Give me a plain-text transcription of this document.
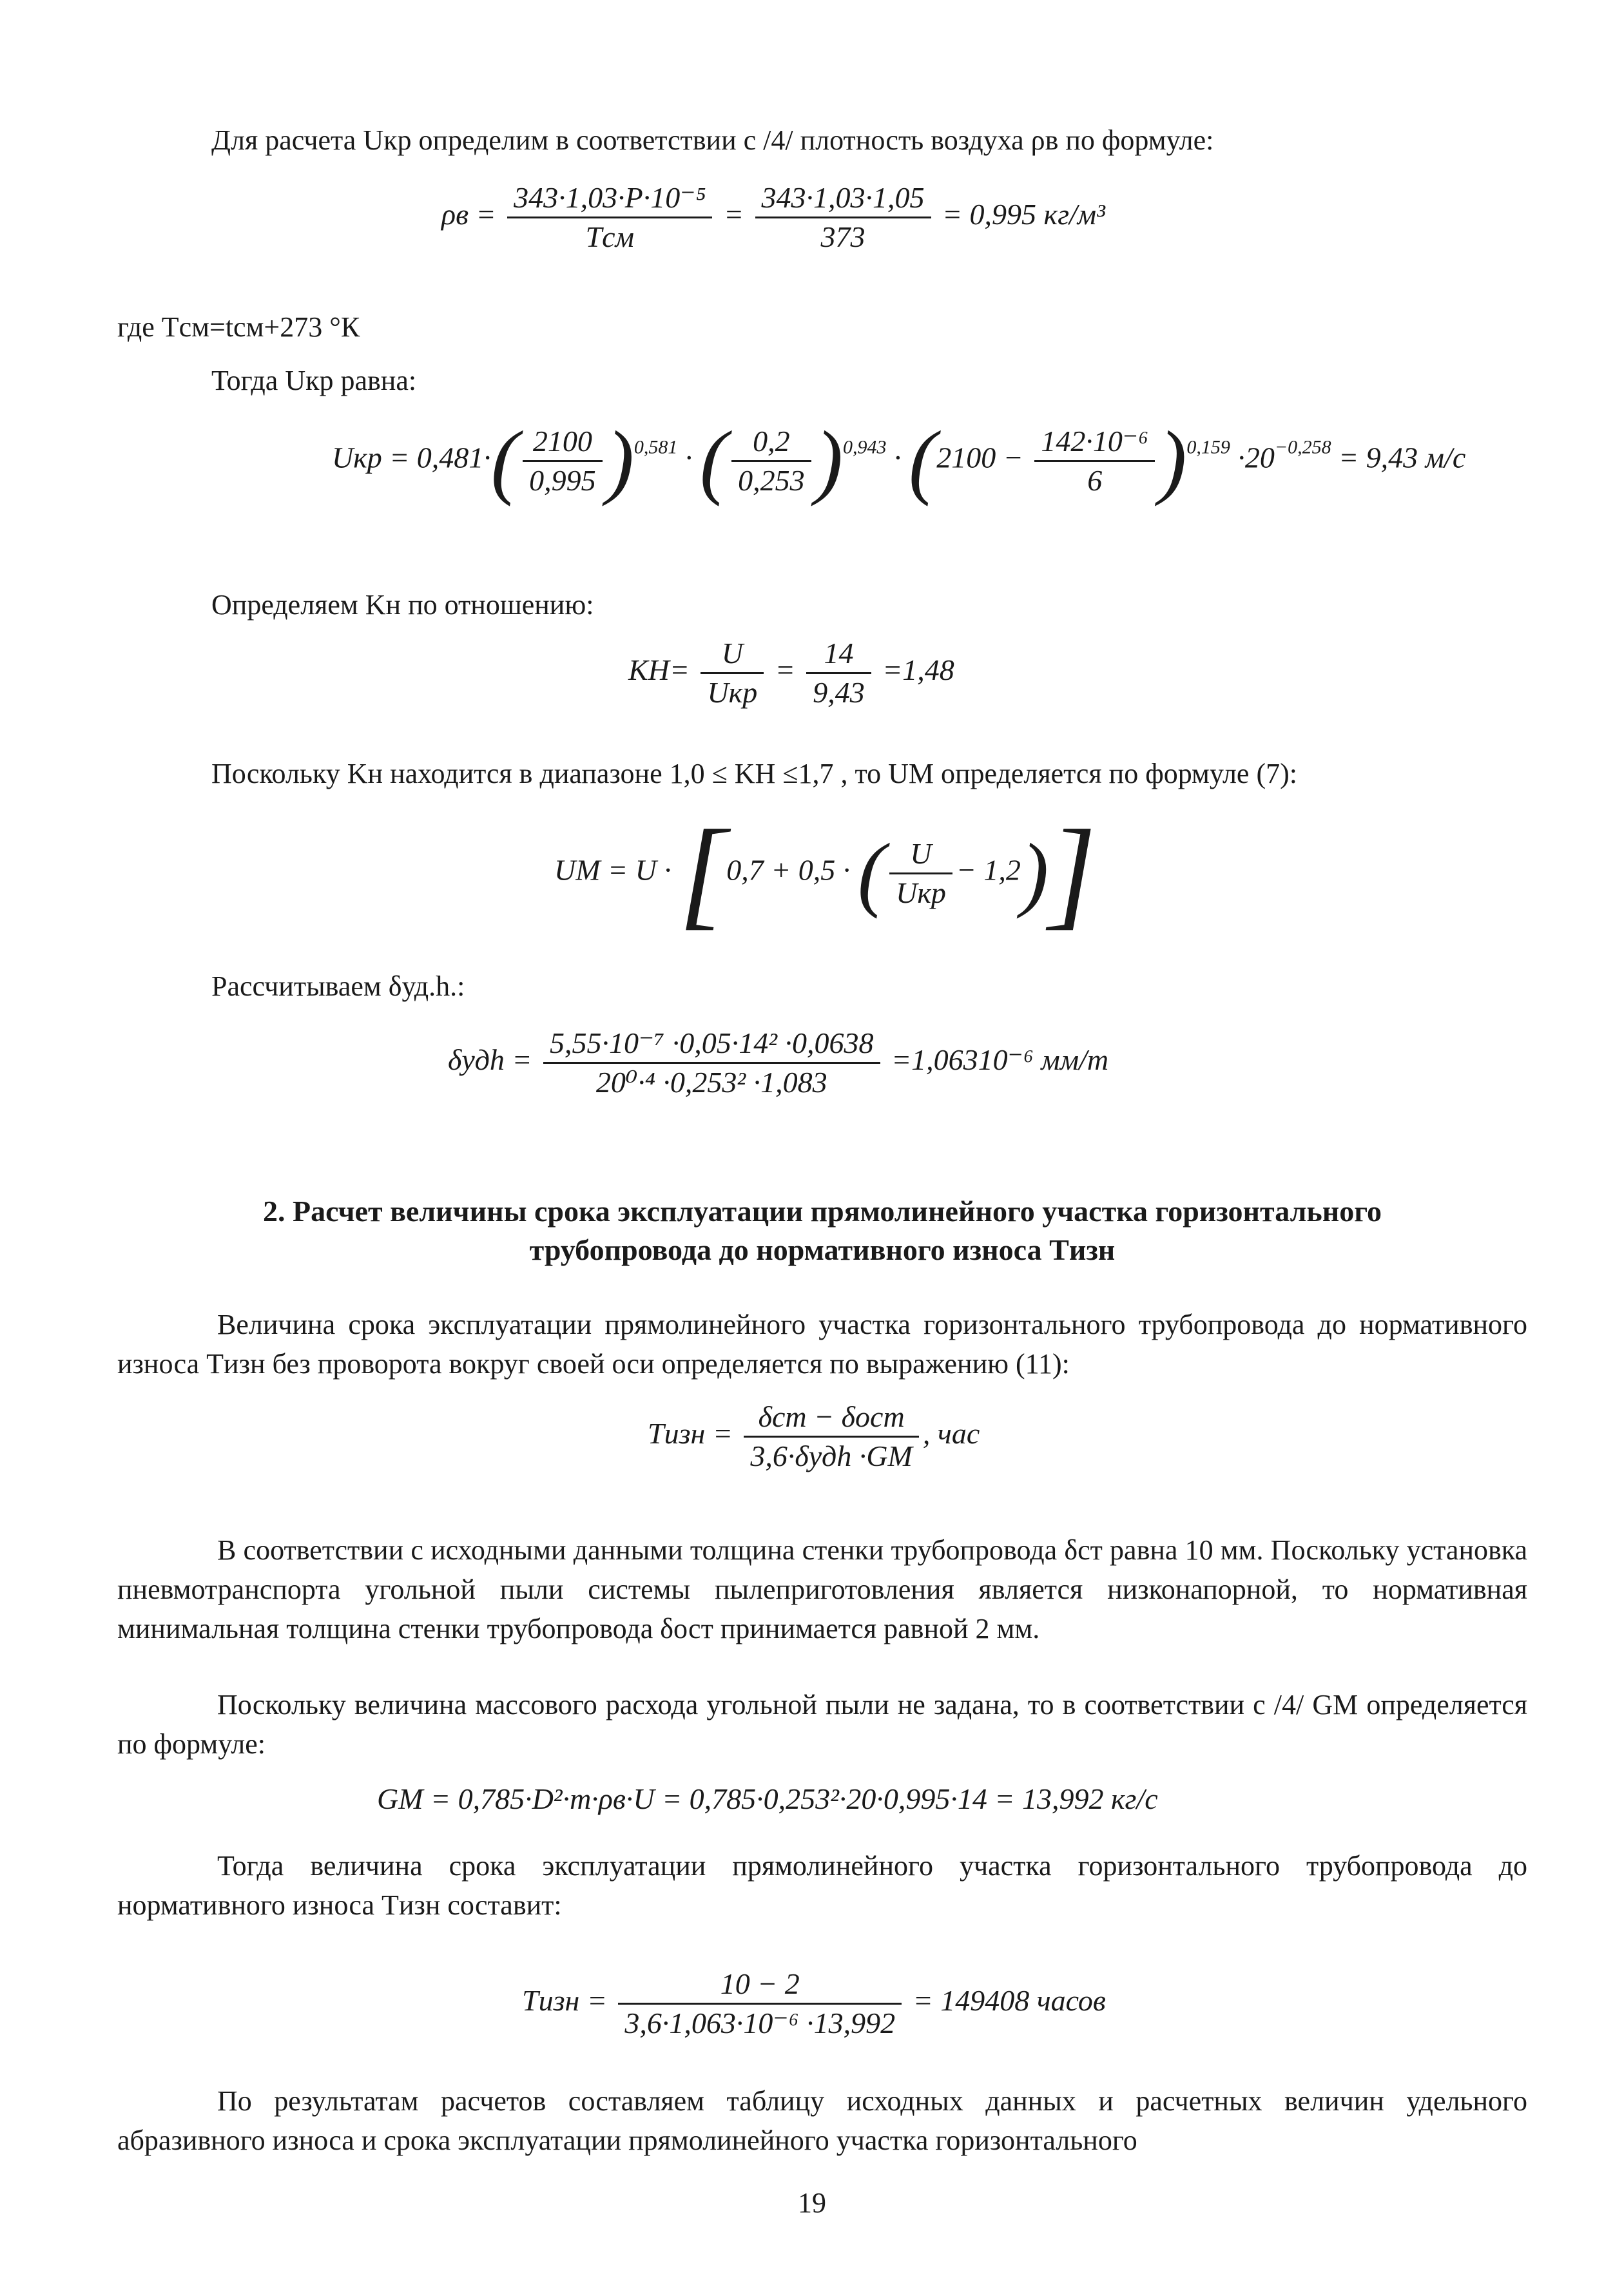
Для расчета Uкр определим в соответствии с /4/ плотность воздуха ρв по формуле:
$\rho в = \frac{\text{343·1,03·P·10⁻⁵}}{\text{Tсм}} = \frac{343\cdot 1,03\cdot 1,05}{373} = 0,995$ кг/м³
где Tсм=tсм+273 °К
Тогда Uкр равна:
Uкр = $0,481\cdot( \frac{2100}{0,995} )^{0,581}$ · ( $\frac{0,2}{0,253} )^{0,943} \cdot (2100 - \frac{\text{142·10⁻⁶}}{6} )^{0,159} \cdot 20^{-0,258} = 9,43$ м/с
Определяем Kн по отношению:
$KН= \frac{U}{\text{Uкр}} = \frac{14}{9,43} =1,48$
Поскольку Kн находится в диапазоне 1,0 ≤ KН ≤1,7 , то UМ определяется по формуле (7):
UМ = U · [0,7 + 0,5 · ( $\frac{U}{\text{Uкр}} - 1,2$)]
Рассчитываем δуд.h.:
$\delta удh = \frac{\text{5,55·10⁻⁷ ·0,05·14² ·0,0638}}{\text{20⁰·⁴ ·0,253² ·1,083}} =1,06310^{-6}$ мм/т
2. Расчет величины срока эксплуатации прямолинейного участка горизонтального
трубопровода до нормативного износа Tизн
Величина срока эксплуатации прямолинейного участка горизонтального трубопровода до нормативного износа Tизн без проворота вокруг своей оси определяется по выражению (11):
Tизн = $\frac{\text{δст − δост}}{\text{3,6·δудh ·GМ}}$ , час
В соответствии с исходными данными толщина стенки трубопровода δст равна 10 мм. Поскольку установка пневмотранспорта угольной пыли системы пылеприготовления является низконапорной, то нормативная минимальная толщина стенки трубопровода δост принимается равной 2 мм.
Поскольку величина массового расхода угольной пыли не задана, то в соответствии с /4/ GМ определяется по формуле:
GМ = 0,785·D²·m·ρв·U = 0,785·0,253²·20·0,995·14 = 13,992 кг/с
Тогда величина срока эксплуатации прямолинейного участка горизонтального трубопровода до нормативного износа Tизн составит:
Tизн = $\frac{10 - 2}{\text{3,6·1,063·10⁻⁶ ·13,992}} = 149408$ часов
По результатам расчетов составляем таблицу исходных данных и расчетных величин удельного абразивного износа и срока эксплуатации прямолинейного участка горизонтального
19
